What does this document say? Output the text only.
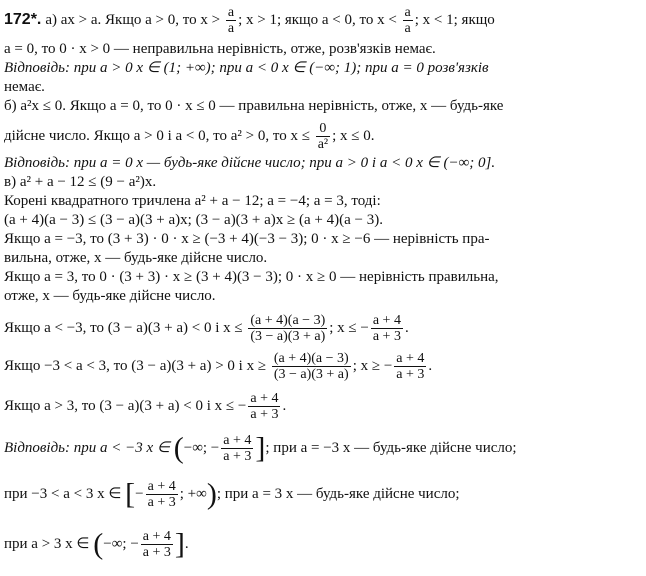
172*. а) ax > a. Якщо a > 0, то $x > \frac{a}{a}$ ; x > 1; якщо a < 0, то $x < \frac{a}{a}$ ; x < 1; якщо
a = 0, то 0 · x > 0 — неправильна нерівність, отже, розв'язків немає.
Відповідь: при a > 0 x ∈ (1; +∞); при a < 0 x ∈ (−∞; 1); при a = 0 розв'язків
немає.
б) a²x ≤ 0. Якщо a = 0, то 0 · x ≤ 0 — правильна нерівність, отже, x — будь-яке
дійсне число. Якщо a > 0 і a < 0, то a² > 0, то $x \le \frac{0}{\text{a²}}$ ; x ≤ 0.
Відповідь: при a = 0 x — будь-яке дійсне число; при a > 0 і a < 0 x ∈ (−∞; 0].
в) a² + a − 12 ≤ (9 − a²)x.
Корені квадратного тричлена a² + a − 12; a = −4; a = 3, тоді:
(a + 4)(a − 3) ≤ (3 − a)(3 + a)x; (3 − a)(3 + a)x ≥ (a + 4)(a − 3).
Якщо a = −3, то (3 + 3) · 0 · x ≥ (−3 + 4)(−3 − 3); 0 · x ≥ −6 — нерівність пра-
вильна, отже, x — будь-яке дійсне число.
Якщо a = 3, то 0 · (3 + 3) · x ≥ (3 + 4)(3 − 3); 0 · x ≥ 0 — нерівність правильна,
отже, x — будь-яке дійсне число.
Якщо a < −3, то (3 − a)(3 + a) < 0 і $x \le \frac{(a + 4)(a - 3)}{(3 - a)(3 + a)}$ ; x ≤ − $\frac{a + 4}{a + 3}$ .
Якщо −3 < a < 3, то (3 − a)(3 + a) > 0 і $x \ge \frac{(a + 4)(a - 3)}{(3 - a)(3 + a)}$ ; x ≥ − $\frac{a + 4}{a + 3}$ .
Якщо a > 3, то (3 − a)(3 + a) < 0 і x ≤ − $\frac{a + 4}{a + 3}$ .
Відповідь: при a < −3 x ∈ (−∞; − $\frac{a + 4}{a + 3}$ ]; при a = −3 x — будь-яке дійсне число;
при −3 < a < 3 x ∈ [− $\frac{a + 4}{a + 3}$ ; +∞); при a = 3 x — будь-яке дійсне число;
при a > 3 x ∈ (−∞; − $\frac{a + 4}{a + 3}$ ].
